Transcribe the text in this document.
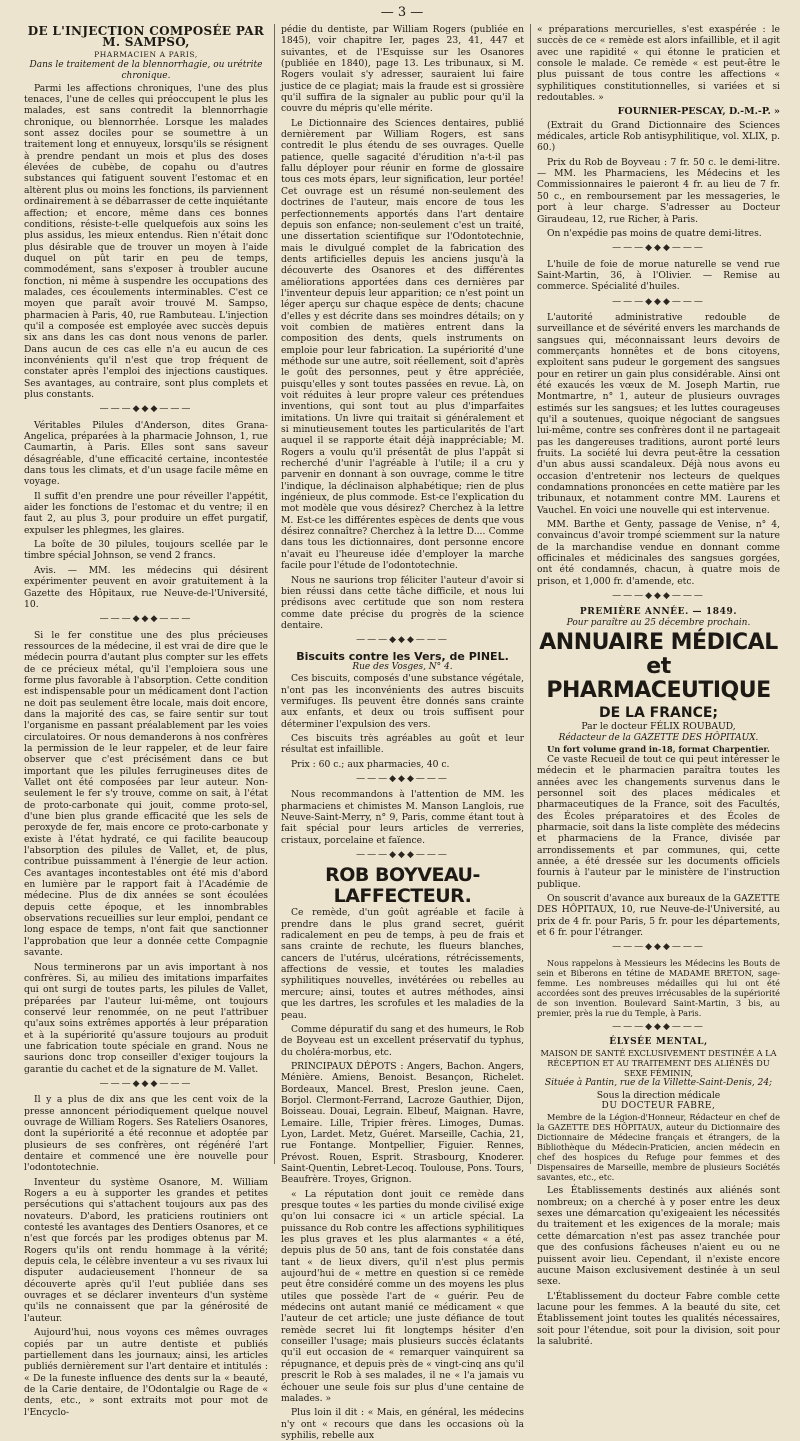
— 3 —
DE L'INJECTION COMPOSÉE PAR M. SAMPSO,
PHARMACIEN A PARIS,
Dans le traitement de la blennorrhagie, ou urétrite chronique.

Parmi les affections chroniques, l'une des plus tenaces, l'une de celles qui préoccupent le plus les malades, est sans contredit la blennorrhagie chronique, ou blennorrhée. Lorsque les malades sont assez dociles pour se soumettre à un traitement long et ennuyeux, lorsqu'ils se résignent à prendre pendant un mois et plus des doses élevées de cubèbe, de copahu ou d'autres substances qui fatiguent souvent l'estomac et en altèrent plus ou moins les fonctions, ils parviennent ordinairement à se débarrasser de cette inquiétante affection; et encore, même dans ces bonnes conditions, résiste-t-elle quelquefois aux soins les plus assidus, les mieux entendus. Rien n'était donc plus désirable que de trouver un moyen à l'aide duquel on pût tarir en peu de temps, commodément, sans s'exposer à troubler aucune fonction, ni même à suspendre les occupations des malades, ces écoulements interminables. C'est ce moyen que paraît avoir trouvé M. Sampso, pharmacien à Paris, 40, rue Rambuteau. L'injection qu'il a composée est employée avec succès depuis six ans dans les cas dont nous venons de parler. Dans aucun de ces cas elle n'a eu aucun de ces inconvénients qu'il n'est que trop fréquent de constater après l'emploi des injections caustiques. Ses avantages, au contraire, sont plus complets et plus constants.

———◆◆◆———

Véritables Pilules d'Anderson, dites Grana-Angelica, préparées à la pharmacie Johnson, 1, rue Caumartin, à Paris. Elles sont sans saveur désagréable, d'une efficacité certaine, incontestée dans tous les climats, et d'un usage facile même en voyage.

Il suffit d'en prendre une pour réveiller l'appétit, aider les fonctions de l'estomac et du ventre; il en faut 2, au plus 3, pour produire un effet purgatif, expulser les phlegmes, les glaires.

La boîte de 30 pilules, toujours scellée par le timbre spécial Johnson, se vend 2 francs.

Avis. — MM. les médecins qui désirent expérimenter peuvent en avoir gratuitement à la Gazette des Hôpitaux, rue Neuve-de-l'Université, 10.

———◆◆◆———

Si le fer constitue une des plus précieuses ressources de la médecine, il est vrai de dire que le médecin pourra d'autant plus compter sur les effets de ce précieux métal, qu'il l'emploiera sous une forme plus favorable à l'absorption. Cette condition est indispensable pour un médicament dont l'action ne doit pas seulement être locale, mais doit encore, dans la majorité des cas, se faire sentir sur tout l'organisme en passant préalablement par les voies circulatoires. Or nous demanderons à nos confrères la permission de le leur rappeler, et de leur faire observer que c'est précisément dans ce but important que les pilules ferrugineuses dites de Vallet ont été composées par leur auteur. Non-seulement le fer s'y trouve, comme on sait, à l'état de proto-carbonate qui jouit, comme proto-sel, d'une bien plus grande efficacité que les sels de peroxyde de fer, mais encore ce proto-carbonate y existe à l'état hydraté, ce qui facilite beaucoup l'absorption des pilules de Vallet, et, de plus, contribue puissamment à l'énergie de leur action. Ces avantages incontestables ont été mis d'abord en lumière par le rapport fait à l'Académie de médecine. Plus de dix années se sont écoulées depuis cette époque, et les innombrables observations recueillies sur leur emploi, pendant ce long espace de temps, n'ont fait que sanctionner l'approbation que leur a donnée cette Compagnie savante.

Nous terminerons par un avis important à nos confrères. Si, au milieu des imitations imparfaites qui ont surgi de toutes parts, les pilules de Vallet, préparées par l'auteur lui-même, ont toujours conservé leur renommée, on ne peut l'attribuer qu'aux soins extrêmes apportés à leur préparation et à la supériorité qu'assure toujours au produit une fabrication toute spéciale en grand. Nous ne saurions donc trop conseiller d'exiger toujours la garantie du cachet et de la signature de M. Vallet.

———◆◆◆———

Il y a plus de dix ans que les cent voix de la presse annoncent périodiquement quelque nouvel ouvrage de William Rogers. Ses Rateliers Osanores, dont la supériorité a été reconnue et adoptée par plusieurs de ses confrères, ont régénéré l'art dentaire et commencé une ère nouvelle pour l'odontotechnie.

Inventeur du système Osanore, M. William Rogers a eu à supporter les grandes et petites persécutions qui s'attachent toujours aux pas des novateurs. D'abord, les praticiens routiniers ont contesté les avantages des Dentiers Osanores, et ce n'est que forcés par les prodiges obtenus par M. Rogers qu'ils ont rendu hommage à la vérité; depuis cela, le célèbre inventeur a vu ses rivaux lui disputer audacieusement l'honneur de sa découverte après qu'il l'eut publiée dans ses ouvrages et se déclarer inventeurs d'un système qu'ils ne connaissent que par la générosité de l'auteur.

Aujourd'hui, nous voyons ces mêmes ouvrages copiés par un autre dentiste et publiés partiellement dans les journaux; ainsi, les articles publiés dernièrement sur l'art dentaire et intitulés : « De la funeste influence des dents sur la « beauté, de la Carie dentaire, de l'Odontalgie ou Rage de « dents, etc., » sont extraits mot pour mot de l'Encyclo-

pédie du dentiste, par William Rogers (publiée en 1845), voir chapitre Ier, pages 23, 41, 447 et suivantes, et de l'Esquisse sur les Osanores (publiée en 1840), page 13. Les tribunaux, si M. Rogers voulait s'y adresser, sauraient lui faire justice de ce plagiat; mais la fraude est si grossière qu'il suffira de la signaler au public pour qu'il la couvre du mépris qu'elle mérite.

Le Dictionnaire des Sciences dentaires, publié dernièrement par William Rogers, est sans contredit le plus étendu de ses ouvrages. Quelle patience, quelle sagacité d'érudition n'a-t-il pas fallu déployer pour réunir en forme de glossaire tous ces mots épars, leur signification, leur portée! Cet ouvrage est un résumé non-seulement des doctrines de l'auteur, mais encore de tous les perfectionnements apportés dans l'art dentaire depuis son enfance; non-seulement c'est un traité, une dissertation scientifique sur l'Odontotechnie, mais le divulgué complet de la fabrication des dents artificielles depuis les anciens jusqu'à la découverte des Osanores et des différentes améliorations apportées dans ces dernières par l'inventeur depuis leur apparition; ce n'est point un léger aperçu sur chaque espèce de dents; chacune d'elles y est décrite dans ses moindres détails; on y voit combien de matières entrent dans la composition des dents, quels instruments on emploie pour leur fabrication. La supériorité d'une méthode sur une autre, soit réellement, soit d'après le goût des personnes, peut y être appréciée, puisqu'elles y sont toutes passées en revue. Là, on voit réduites à leur propre valeur ces prétendues inventions, qui sont tout au plus d'imparfaites imitations. Un livre qui traitait si généralement et si minutieusement toutes les particularités de l'art auquel il se rapporte était déjà inappréciable; M. Rogers a voulu qu'il présentât de plus l'appât si recherché d'unir l'agréable à l'utile; il a cru y parvenir en donnant à son ouvrage, comme le titre l'indique, la déclinaison alphabétique; rien de plus ingénieux, de plus commode. Est-ce l'explication du mot modèle que vous désirez? Cherchez à la lettre M. Est-ce les différentes espèces de dents que vous désirez connaître? Cherchez à la lettre D.... Comme dans tous les dictionnaires, dont personne encore n'avait eu l'heureuse idée d'employer la marche facile pour l'étude de l'odontotechnie.

Nous ne saurions trop féliciter l'auteur d'avoir si bien réussi dans cette tâche difficile, et nous lui prédisons avec certitude que son nom restera comme date précise du progrès de la science dentaire.

———◆◆◆———
Biscuits contre les Vers, de PINEL.
Rue des Vosges, N° 4.

Ces biscuits, composés d'une substance végétale, n'ont pas les inconvénients des autres biscuits vermifuges. Ils peuvent être donnés sans crainte aux enfants, et deux ou trois suffisent pour déterminer l'expulsion des vers.

Ces biscuits très agréables au goût et leur résultat est infaillible.

Prix : 60 c.; aux pharmacies, 40 c.

———◆◆◆———

Nous recommandons à l'attention de MM. les pharmaciens et chimistes M. Manson Langlois, rue Neuve-Saint-Merry, n° 9, Paris, comme étant tout à fait spécial pour leurs articles de verreries, cristaux, porcelaine et faïence.

———◆◆◆———
ROB BOYVEAU-LAFFECTEUR.

Ce remède, d'un goût agréable et facile à prendre dans le plus grand secret, guérit radicalement en peu de temps, à peu de frais et sans crainte de rechute, les flueurs blanches, cancers de l'utérus, ulcérations, rétrécissements, affections de vessie, et toutes les maladies syphilitiques nouvelles, invétérées ou rebelles au mercure; ainsi, toutes et autres méthodes, ainsi que les dartres, les scrofules et les maladies de la peau.

Comme dépuratif du sang et des humeurs, le Rob de Boyveau est un excellent préservatif du typhus, du choléra-morbus, etc.

PRINCIPAUX DÉPOTS : Angers, Bachon. Angers, Ménière. Amiens, Benoist. Besançon, Richelet. Bordeaux, Mancel. Brest, Preslon jeune. Caen, Borjol. Clermont-Ferrand, Lacroze Gauthier, Dijon, Boisseau. Douai, Legrain. Elbeuf, Maignan. Havre, Lemaire. Lille, Tripier frères. Limoges, Dumas. Lyon, Lardet. Metz, Guéret. Marseille, Cachia, 21, rue Fontange. Montpellier, Figuier. Rennes, Prévost. Rouen, Esprit. Strasbourg, Knoderer. Saint-Quentin, Lebret-Lecoq. Toulouse, Pons. Tours, Beaufrère. Troyes, Grignon.

« La réputation dont jouit ce remède dans presque toutes « les parties du monde civilisé exige qu'on lui consacre ici « un article spécial. La puissance du Rob contre les affections syphilitiques les plus graves et les plus alarmantes « a été, depuis plus de 50 ans, tant de fois constatée dans tant « de lieux divers, qu'il n'est plus permis aujourd'hui de « mettre en question si ce remède peut être considéré comme un des moyens les plus utiles que possède l'art de « guérir. Peu de médecins ont autant manié ce médicament « que l'auteur de cet article; une juste défiance de tout remède secret lui fit longtemps hésiter d'en conseiller l'usage; mais plusieurs succès éclatants qu'il eut occasion de « remarquer vainquirent sa répugnance, et depuis près de « vingt-cinq ans qu'il prescrit le Rob à ses malades, il ne « l'a jamais vu échouer une seule fois sur plus d'une centaine de malades. »

Plus loin il dit : « Mais, en général, les médecins n'y ont « recours que dans les occasions où la syphilis, rebelle aux

« préparations mercurielles, s'est exaspérée : le succès de ce « remède est alors infaillible, et il agit avec une rapidité « qui étonne le praticien et console le malade. Ce remède « est peut-être le plus puissant de tous contre les affections « syphilitiques constitutionnelles, si variées et si redoutables. »

FOURNIER-PESCAY, D.-M.-P. »

(Extrait du Grand Dictionnaire des Sciences médicales, article Rob antisyphilitique, vol. XLIX, p. 60.)

Prix du Rob de Boyveau : 7 fr. 50 c. le demi-litre. — MM. les Pharmaciens, les Médecins et les Commissionnaires le paieront 4 fr. au lieu de 7 fr. 50 c., en remboursement par les messageries, le port à leur charge. S'adresser au Docteur Giraudeau, 12, rue Richer, à Paris.

On n'expédie pas moins de quatre demi-litres.

———◆◆◆———

L'huile de foie de morue naturelle se vend rue Saint-Martin, 36, à l'Olivier. — Remise au commerce. Spécialité d'huiles.

———◆◆◆———

L'autorité administrative redouble de surveillance et de sévérité envers les marchands de sangsues qui, méconnaissant leurs devoirs de commerçants honnêtes et de bons citoyens, exploitent sans pudeur le gorgement des sangsues pour en retirer un gain plus considérable. Ainsi ont été exaucés les vœux de M. Joseph Martin, rue Montmartre, n° 1, auteur de plusieurs ouvrages estimés sur les sangsues; et les luttes courageuses qu'il a soutenues, quoique négociant de sangsues lui-même, contre ses confrères dont il ne partageait pas les dangereuses traditions, auront porté leurs fruits. La société lui devra peut-être la cessation d'un abus aussi scandaleux. Déjà nous avons eu occasion d'entretenir nos lecteurs de quelques condamnations prononcées en cette matière par les tribunaux, et notamment contre MM. Laurens et Vauchel. En voici une nouvelle qui est intervenue.

MM. Barthe et Genty, passage de Venise, n° 4, convaincus d'avoir trompé sciemment sur la nature de la marchandise vendue en donnant comme officinales et médicinales des sangsues gorgées, ont été condamnés, chacun, à quatre mois de prison, et 1,000 fr. d'amende, etc.

———◆◆◆———
PREMIÈRE ANNÉE. — 1849.
Pour paraître au 25 décembre prochain.
ANNUAIRE MÉDICAL et PHARMACEUTIQUE
DE LA FRANCE;
Par le docteur FÉLIX ROUBAUD,
Rédacteur de la GAZETTE DES HÔPITAUX.
Un fort volume grand in-18, format Charpentier.

Ce vaste Recueil de tout ce qui peut intéresser le médecin et le pharmacien paraîtra toutes les années avec les changements survenus dans le personnel soit des places médicales et pharmaceutiques de la France, soit des Facultés, des Écoles préparatoires et des Écoles de pharmacie, soit dans la liste complète des médecins et pharmaciens de la France, divisée par arrondissements et par communes, qui, cette année, a été dressée sur les documents officiels fournis à l'auteur par le ministère de l'instruction publique.

On souscrit d'avance aux bureaux de la GAZETTE DES HÔPITAUX, 10, rue Neuve-de-l'Université, au prix de 4 fr. pour Paris, 5 fr. pour les départements, et 6 fr. pour l'étranger.

———◆◆◆———

Nous rappelons à Messieurs les Médecins les Bouts de sein et Biberons en tétine de MADAME BRETON, sage-femme. Les nombreuses médailles qui lui ont été accordées sont des preuves irrécusables de la supériorité de son invention. Boulevard Saint-Martin, 3 bis, au premier, près la rue du Temple, à Paris.

———◆◆◆———
ÉLYSÉE MENTAL,
MAISON DE SANTÉ EXCLUSIVEMENT DESTINÉE A LA RÉCEPTION ET AU TRAITEMENT DES ALIÉNÉS DU SEXE FÉMININ,
Située à Pantin, rue de la Villette-Saint-Denis, 24;
Sous la direction médicale
DU DOCTEUR FABRE,

Membre de la Légion-d'Honneur, Rédacteur en chef de la GAZETTE DES HÔPITAUX, auteur du Dictionnaire des Dictionnaire de Médecine français et étrangers, de la Bibliothèque du Médecin-Praticien, ancien médecin en chef des hospices du Refuge pour femmes et des Dispensaires de Marseille, membre de plusieurs Sociétés savantes, etc., etc.

Les Établissements destinés aux aliénés sont nombreux; on a cherché à y poser entre les deux sexes une démarcation qu'exigeaient les nécessités du traitement et les exigences de la morale; mais cette démarcation n'est pas assez tranchée pour que des confusions fâcheuses n'aient eu ou ne puissent avoir lieu. Cependant, il n'existe encore aucune Maison exclusivement destinée à un seul sexe.

L'Établissement du docteur Fabre comble cette lacune pour les femmes. A la beauté du site, cet Établissement joint toutes les qualités nécessaires, soit pour l'étendue, soit pour la division, soit pour la salubrité.
